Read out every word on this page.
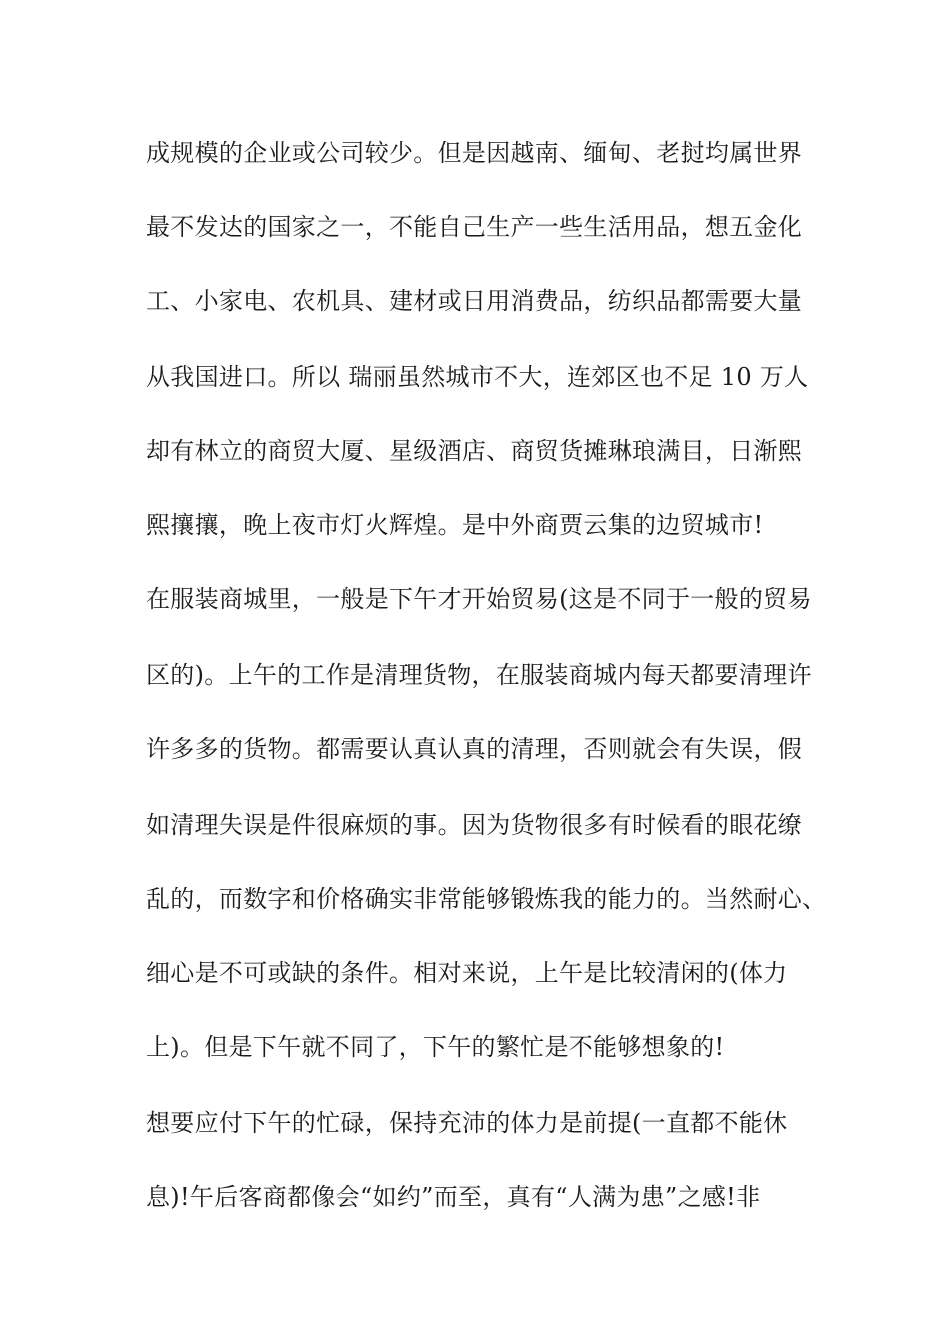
成规模的企业或公司较少。但是因越南、缅甸、老挝均属世界
最不发达的国家之一，不能自己生产一些生活用品，想五金化
工、小家电、农机具、建材或日用消费品，纺织品都需要大量
从我国进口。所以 瑞丽虽然城市不大，连郊区也不足 10 万人
却有林立的商贸大厦、星级酒店、商贸货摊琳琅满目，日渐熙
熙攘攘，晚上夜市灯火辉煌。是中外商贾云集的边贸城市!
在服装商城里，一般是下午才开始贸易(这是不同于一般的贸易
区的)。上午的工作是清理货物，在服装商城内每天都要清理许
许多多的货物。都需要认真认真的清理，否则就会有失误，假
如清理失误是件很麻烦的事。因为货物很多有时候看的眼花缭
乱的，而数字和价格确实非常能够锻炼我的能力的。当然耐心、
细心是不可或缺的条件。相对来说，上午是比较清闲的(体力
上)。但是下午就不同了，下午的繁忙是不能够想象的!
想要应付下午的忙碌，保持充沛的体力是前提(一直都不能休
息)!午后客商都像会“如约”而至，真有“人满为患”之感!非
